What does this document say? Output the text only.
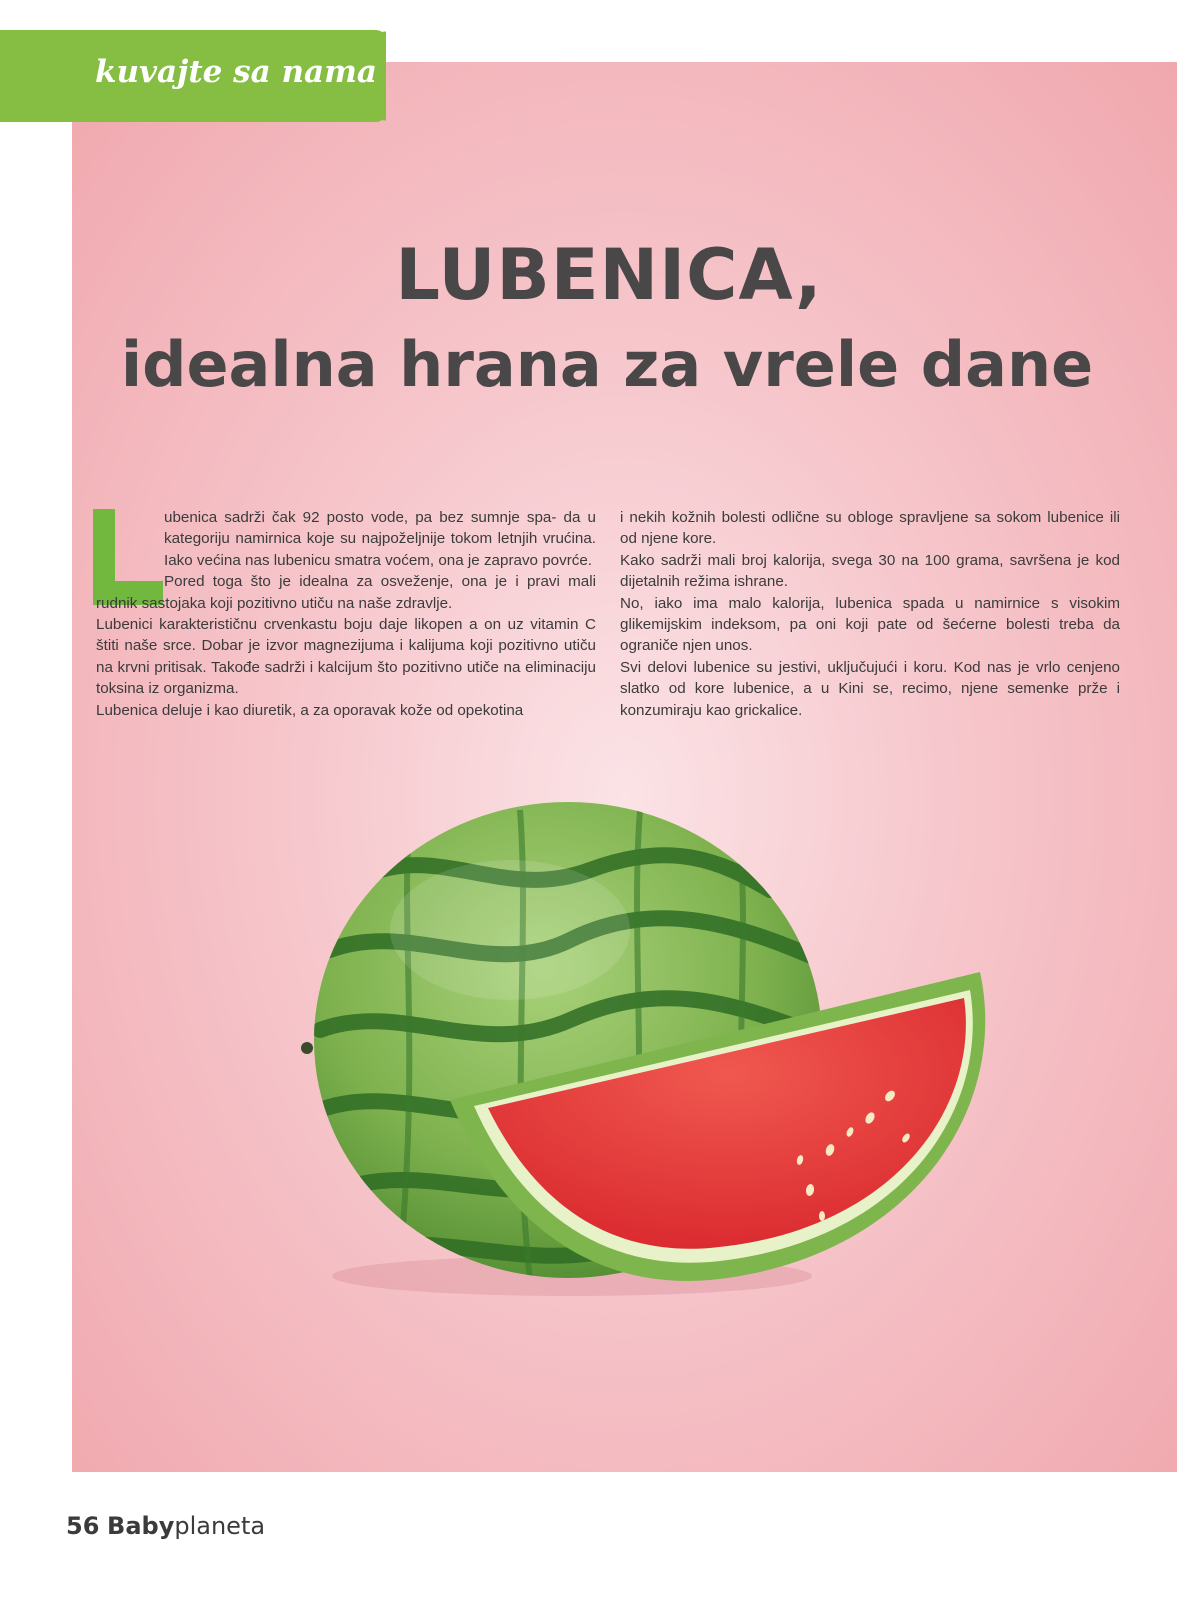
kuvajte sa nama
LUBENICA,
idealna hrana za vrele dane

ubenica sadrži čak 92 posto vode, pa bez sumnje spa- da u kategoriju namirnica koje su najpoželjnije tokom letnjih vrućina. Iako većina nas lubenicu smatra voćem, ona je zapravo povrće.

Pored toga što je idealna za osveženje, ona je i pravi mali rudnik sastojaka koji pozitivno utiču na naše zdravlje.

Lubenici karakterističnu crvenkastu boju daje likopen a on uz vitamin C štiti naše srce. Dobar je izvor magnezijuma i kalijuma koji pozitivno utiču na krvni pritisak. Takođe sadrži i kalcijum što pozitivno utiče na eliminaciju toksina iz organizma.

Lubenica deluje i kao diuretik, a za oporavak kože od opekotina

i nekih kožnih bolesti odlične su obloge spravljene sa sokom lubenice ili od njene kore.

Kako sadrži mali broj kalorija, svega 30 na 100 grama, savršena je kod dijetalnih režima ishrane.

No, iako ima malo kalorija, lubenica spada u namirnice s visokim glikemijskim indeksom, pa oni koji pate od šećerne bolesti treba da ograniče njen unos.

Svi delovi lubenice su jestivi, uključujući i koru. Kod nas je vrlo cenjeno slatko od kore lubenice, a u Kini se, recimo, njene semenke prže i konzumiraju kao grickalice.

56 Babyplaneta
